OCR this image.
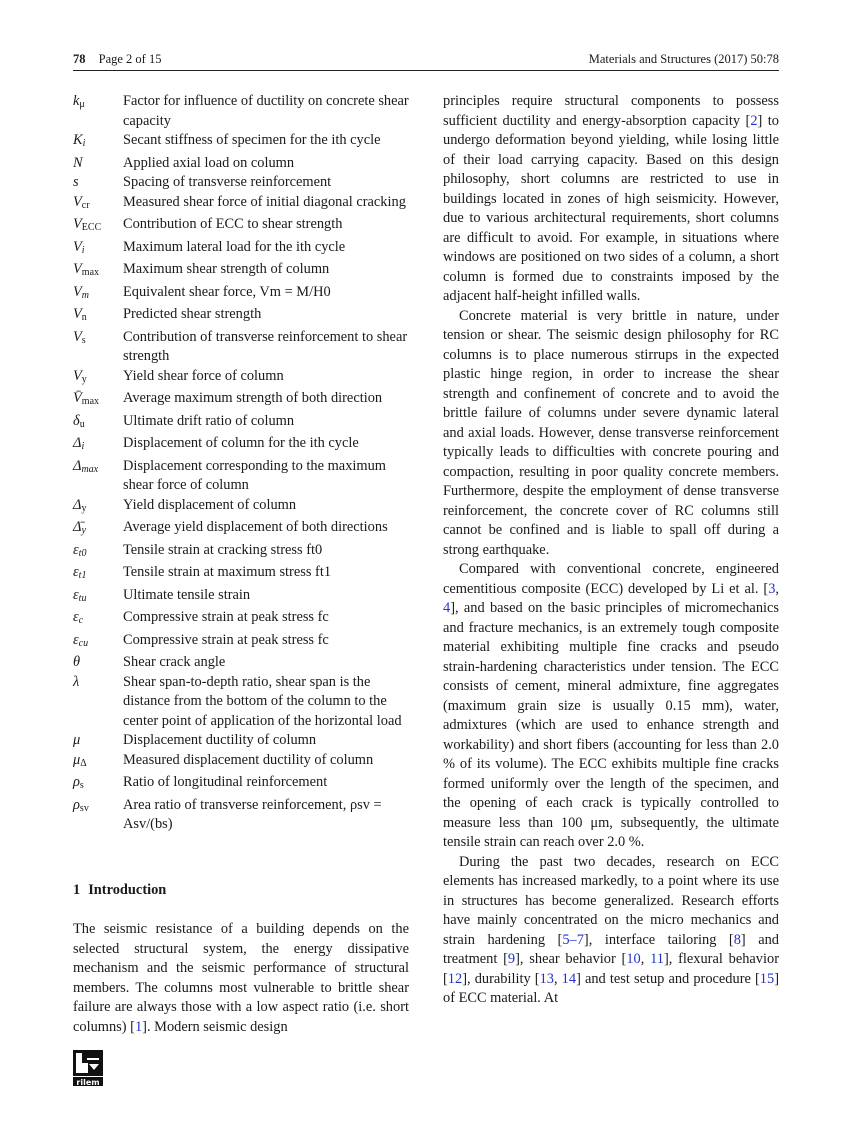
78 Page 2 of 15	Materials and Structures (2017) 50:78
$k_\mu$	Factor for influence of ductility on concrete shear capacity
$K_i$	Secant stiffness of specimen for the ith cycle
N	Applied axial load on column
s	Spacing of transverse reinforcement
$V_{cr}$	Measured shear force of initial diagonal cracking
$V_{ECC}$	Contribution of ECC to shear strength
$V_i$	Maximum lateral load for the ith cycle
$V_{max}$	Maximum shear strength of column
$V_m$	Equivalent shear force, Vm = M/H0
$V_n$	Predicted shear strength
$V_s$	Contribution of transverse reinforcement to shear strength
$V_y$	Yield shear force of column
$V̄_{max}$	Average maximum strength of both direction
$\delta_u$	Ultimate drift ratio of column
$\Delta_i$	Displacement of column for the ith cycle
$\Delta_{max}$	Displacement corresponding to the maximum shear force of column
$\Delta_y$	Yield displacement of column
$\Deltā_y$	Average yield displacement of both directions
$\varepsilon_{t0}$	Tensile strain at cracking stress ft0
$\varepsilon_{t1}$	Tensile strain at maximum stress ft1
$\varepsilon_{tu}$	Ultimate tensile strain
$\varepsilon_c$	Compressive strain at peak stress fc
$\varepsilon_{cu}$	Compressive strain at peak stress fc
θ	Shear crack angle
λ	Shear span-to-depth ratio, shear span is the distance from the bottom of the column to the center point of application of the horizontal load
μ	Displacement ductility of column
$\mu_\Delta$	Measured displacement ductility of column
$\rho_s$	Ratio of longitudinal reinforcement
$\rho_{sv}$	Area ratio of transverse reinforcement, ρsv = Asv/(bs)
1 Introduction

The seismic resistance of a building depends on the selected structural system, the energy dissipative mechanism and the seismic performance of structural members. The columns most vulnerable to brittle shear failure are always those with a low aspect ratio (i.e. short columns) [1]. Modern seismic design

principles require structural components to possess sufficient ductility and energy-absorption capacity [2] to undergo deformation beyond yielding, while losing little of their load carrying capacity. Based on this design philosophy, short columns are restricted to use in buildings located in zones of high seismicity. However, due to various architectural requirements, short columns are difficult to avoid. For example, in situations where windows are positioned on two sides of a column, a short column is formed due to constraints imposed by the adjacent half-height infilled walls.

Concrete material is very brittle in nature, under tension or shear. The seismic design philosophy for RC columns is to place numerous stirrups in the expected plastic hinge region, in order to increase the shear strength and confinement of concrete and to avoid the brittle failure of columns under severe dynamic lateral and axial loads. However, dense transverse reinforcement typically leads to difficulties with concrete pouring and compaction, resulting in poor quality concrete members. Furthermore, despite the employment of dense transverse reinforcement, the concrete cover of RC columns still cannot be confined and is liable to spall off during a strong earthquake.

Compared with conventional concrete, engineered cementitious composite (ECC) developed by Li et al. [3, 4], and based on the basic principles of micromechanics and fracture mechanics, is an extremely tough composite material exhibiting multiple fine cracks and pseudo strain-hardening characteristics under tension. The ECC consists of cement, mineral admixture, fine aggregates (maximum grain size is usually 0.15 mm), water, admixtures (which are used to enhance strength and workability) and short fibers (accounting for less than 2.0 % of its volume). The ECC exhibits multiple fine cracks formed uniformly over the length of the specimen, and the opening of each crack is typically controlled to measure less than 100 μm, subsequently, the ultimate tensile strain can reach over 2.0 %.

During the past two decades, research on ECC elements has increased markedly, to a point where its use in structures has become generalized. Research efforts have mainly concentrated on the micro mechanics and strain hardening [5–7], interface tailoring [8] and treatment [9], shear behavior [10, 11], flexural behavior [12], durability [13, 14] and test setup and procedure [15] of ECC material. At

rilem
